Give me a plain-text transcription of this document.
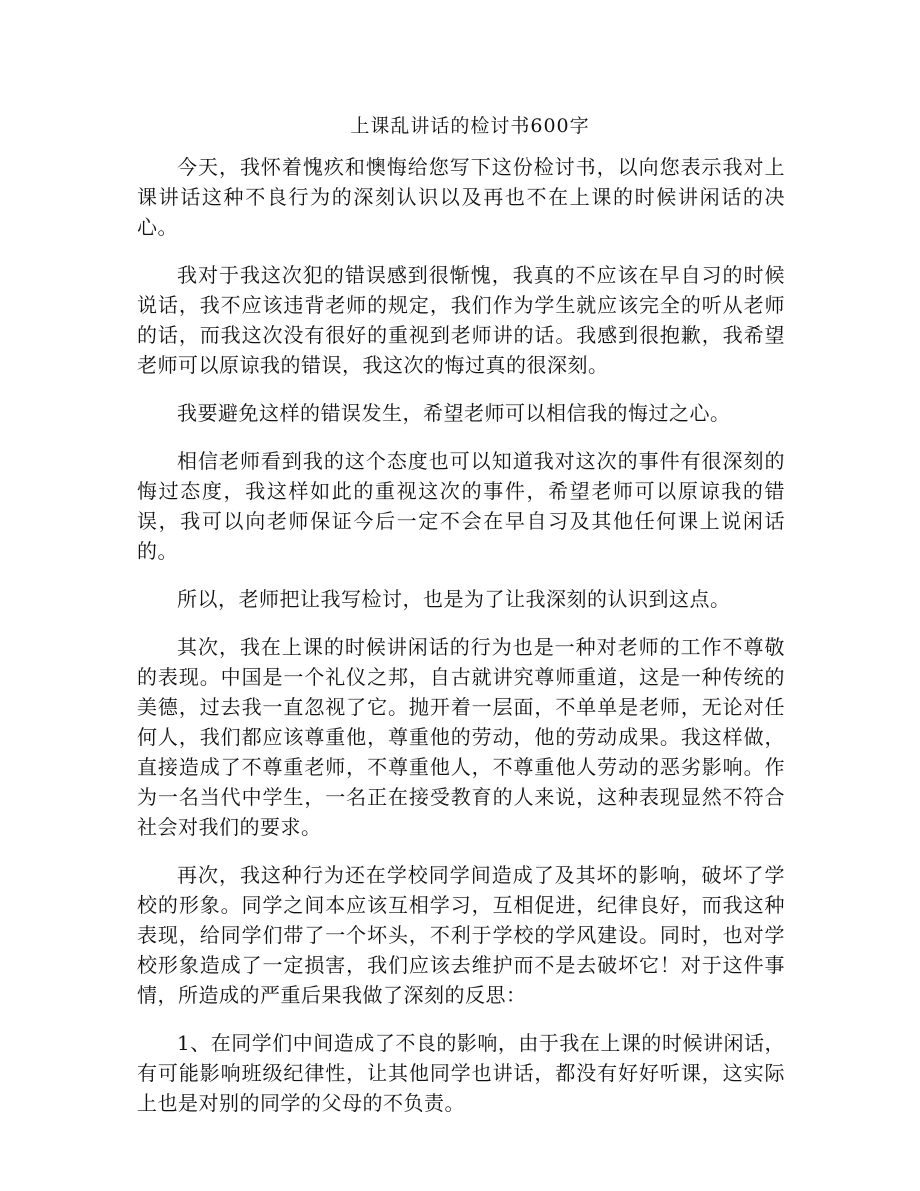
上课乱讲话的检讨书600字

今天，我怀着愧疚和懊悔给您写下这份检讨书，以向您表示我对上课讲话这种不良行为的深刻认识以及再也不在上课的时候讲闲话的决心。

我对于我这次犯的错误感到很惭愧，我真的不应该在早自习的时候说话，我不应该违背老师的规定，我们作为学生就应该完全的听从老师的话，而我这次没有很好的重视到老师讲的话。我感到很抱歉，我希望老师可以原谅我的错误，我这次的悔过真的很深刻。

我要避免这样的错误发生，希望老师可以相信我的悔过之心。

相信老师看到我的这个态度也可以知道我对这次的事件有很深刻的悔过态度，我这样如此的重视这次的事件，希望老师可以原谅我的错误，我可以向老师保证今后一定不会在早自习及其他任何课上说闲话的。

所以，老师把让我写检讨，也是为了让我深刻的认识到这点。

其次，我在上课的时候讲闲话的行为也是一种对老师的工作不尊敬的表现。中国是一个礼仪之邦，自古就讲究尊师重道，这是一种传统的美德，过去我一直忽视了它。抛开着一层面，不单单是老师，无论对任何人，我们都应该尊重他，尊重他的劳动，他的劳动成果。我这样做，直接造成了不尊重老师，不尊重他人，不尊重他人劳动的恶劣影响。作为一名当代中学生，一名正在接受教育的人来说，这种表现显然不符合社会对我们的要求。

再次，我这种行为还在学校同学间造成了及其坏的影响，破坏了学校的形象。同学之间本应该互相学习，互相促进，纪律良好，而我这种表现，给同学们带了一个坏头，不利于学校的学风建设。同时，也对学校形象造成了一定损害，我们应该去维护而不是去破坏它！对于这件事情，所造成的严重后果我做了深刻的反思：

1、在同学们中间造成了不良的影响，由于我在上课的时候讲闲话，有可能影响班级纪律性，让其他同学也讲话，都没有好好听课，这实际上也是对别的同学的父母的不负责。
